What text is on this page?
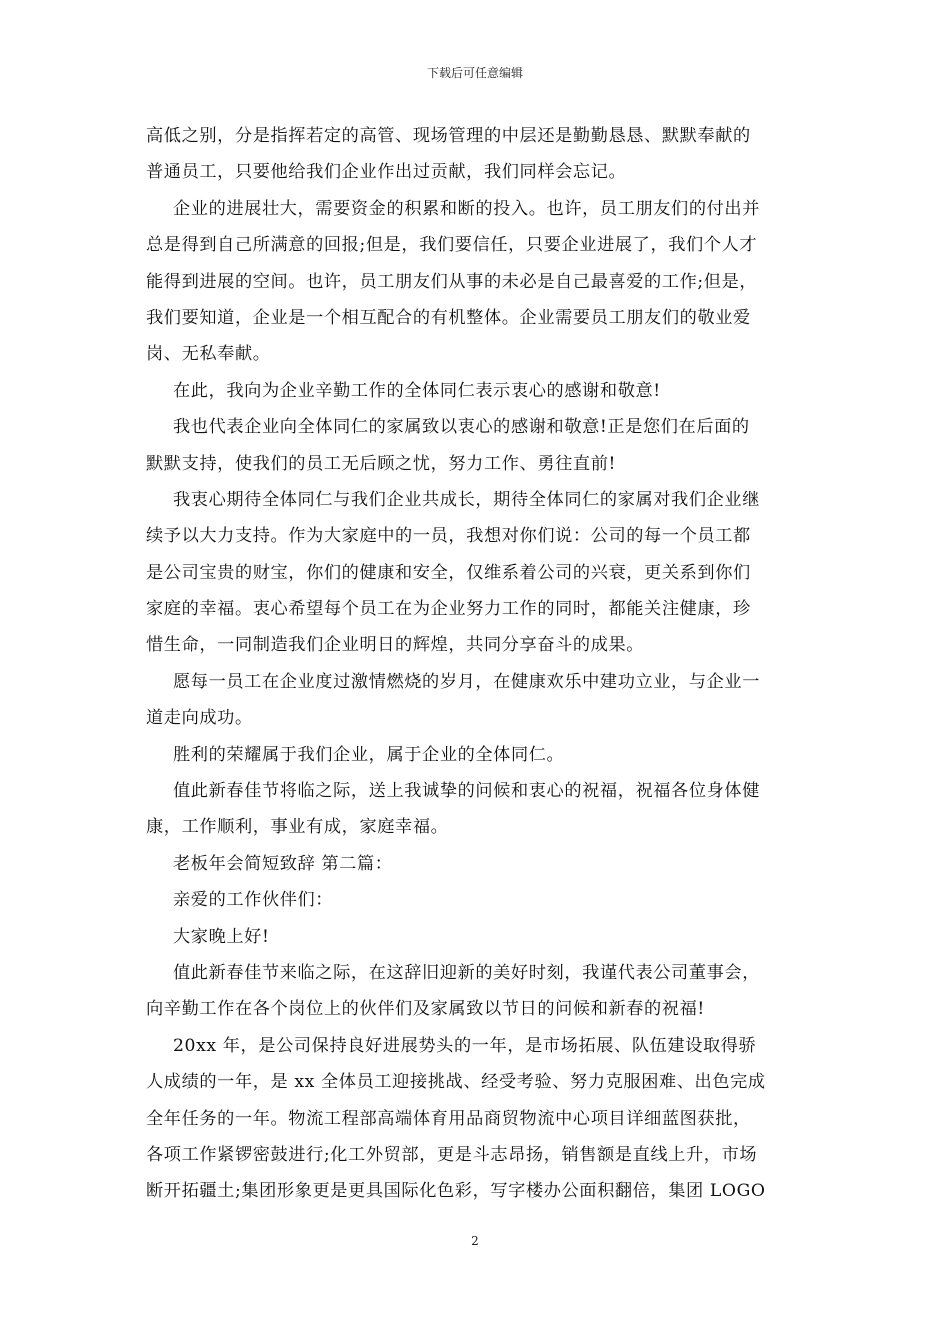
下载后可任意编辑
高低之别，分是指挥若定的高管、现场管理的中层还是勤勤恳恳、默默奉献的
普通员工，只要他给我们企业作出过贡献，我们同样会忘记。
企业的进展壮大，需要资金的积累和断的投入。也许，员工朋友们的付出并
总是得到自己所满意的回报;但是，我们要信任，只要企业进展了，我们个人才
能得到进展的空间。也许，员工朋友们从事的未必是自己最喜爱的工作;但是，
我们要知道，企业是一个相互配合的有机整体。企业需要员工朋友们的敬业爱
岗、无私奉献。
在此，我向为企业辛勤工作的全体同仁表示衷心的感谢和敬意!
我也代表企业向全体同仁的家属致以衷心的感谢和敬意!正是您们在后面的
默默支持，使我们的员工无后顾之忧，努力工作、勇往直前!
我衷心期待全体同仁与我们企业共成长，期待全体同仁的家属对我们企业继
续予以大力支持。作为大家庭中的一员，我想对你们说：公司的每一个员工都
是公司宝贵的财宝，你们的健康和安全，仅维系着公司的兴衰，更关系到你们
家庭的幸福。衷心希望每个员工在为企业努力工作的同时，都能关注健康，珍
惜生命，一同制造我们企业明日的辉煌，共同分享奋斗的成果。
愿每一员工在企业度过激情燃烧的岁月，在健康欢乐中建功立业，与企业一
道走向成功。
胜利的荣耀属于我们企业，属于企业的全体同仁。
值此新春佳节将临之际，送上我诚挚的问候和衷心的祝福，祝福各位身体健
康，工作顺利，事业有成，家庭幸福。
老板年会简短致辞 第二篇：
亲爱的工作伙伴们：
大家晚上好!
值此新春佳节来临之际，在这辞旧迎新的美好时刻，我谨代表公司董事会，
向辛勤工作在各个岗位上的伙伴们及家属致以节日的问候和新春的祝福!
20xx 年，是公司保持良好进展势头的一年，是市场拓展、队伍建设取得骄
人成绩的一年，是 xx 全体员工迎接挑战、经受考验、努力克服困难、出色完成
全年任务的一年。物流工程部高端体育用品商贸物流中心项目详细蓝图获批，
各项工作紧锣密鼓进行;化工外贸部，更是斗志昂扬，销售额是直线上升，市场
断开拓疆土;集团形象更是更具国际化色彩，写字楼办公面积翻倍，集团 LOGO
2
